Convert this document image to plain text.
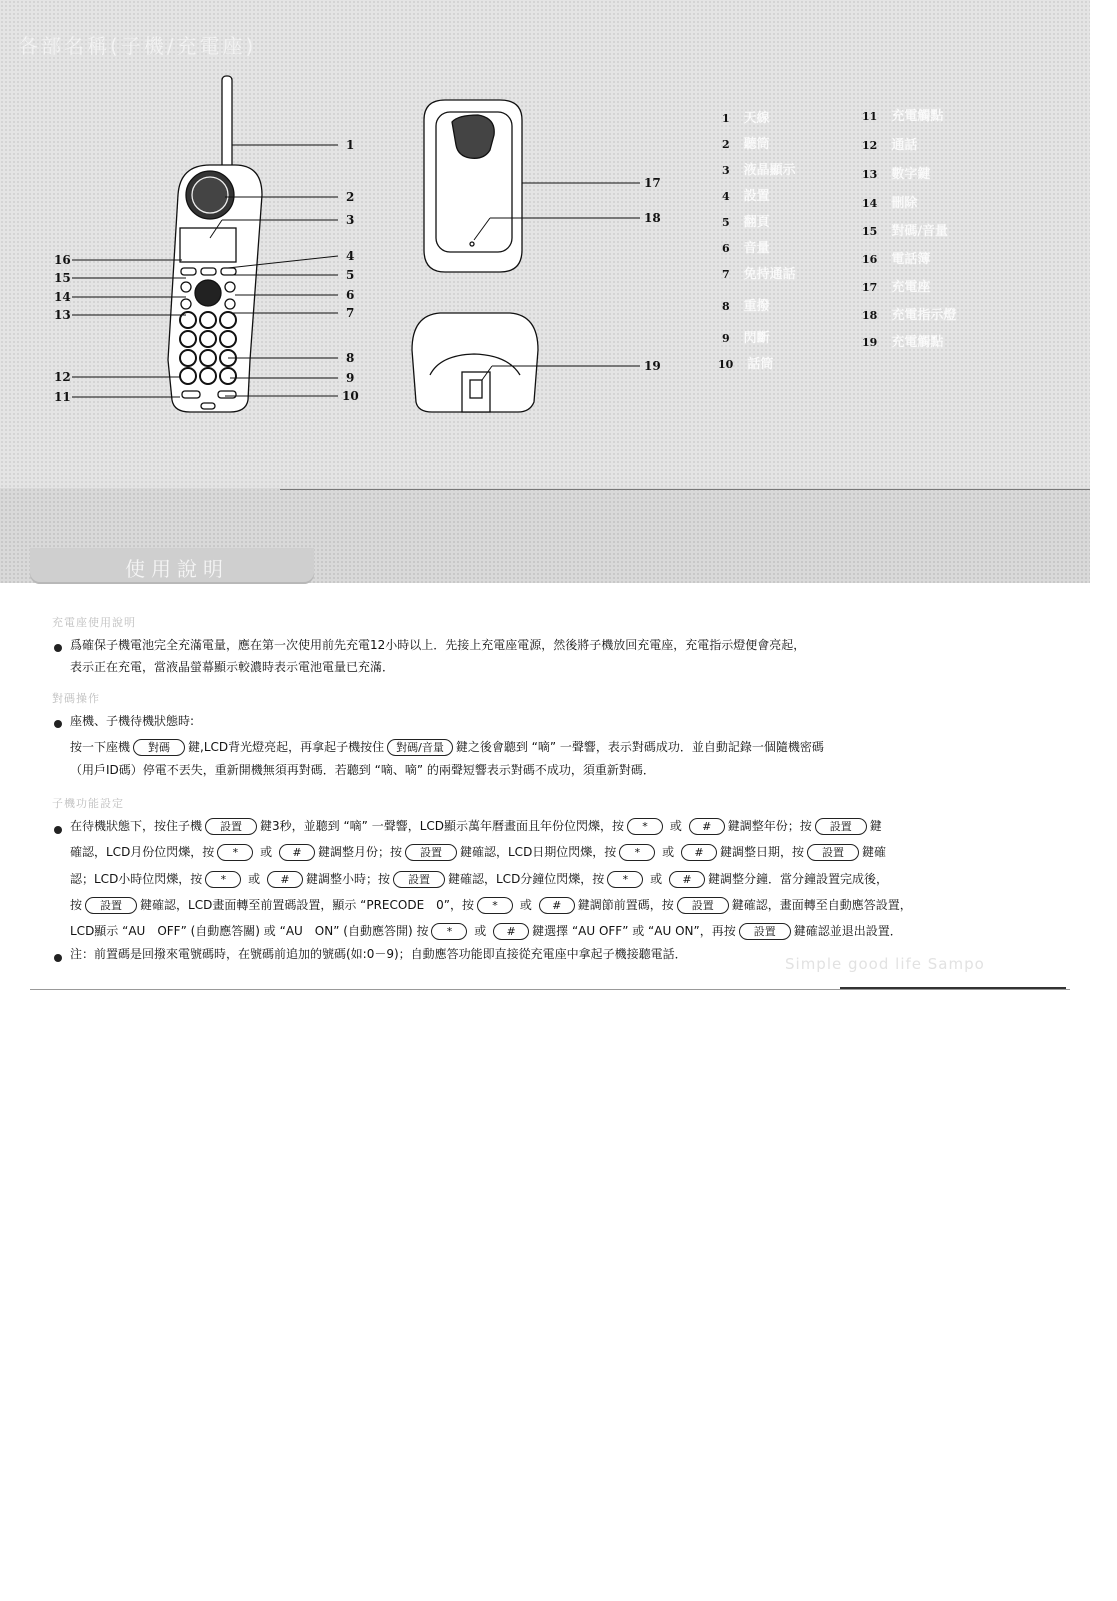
各部名稱(子機/充電座)
1
2
3
4
5
6
7
8
9
10
16
15
14
13
12
11
17
18
19
1 天線
2 聽筒
3 液晶顯示
4 設置
5 翻頁
6 音量
7 免持通話
8 重撥
9 閃斷
10 話筒
11 充電觸點
12 通話
13 數字鍵
14 刪除
15 對碼/音量
16 電話簿
17 充電座
18 充電指示燈
19 充電觸點
使用說明
充電座使用說明
爲確保子機電池完全充滿電量，應在第一次使用前先充電12小時以上．先接上充電座電源，然後將子機放回充電座，充電指示燈便會亮起，
表示正在充電，當液晶螢幕顯示較濃時表示電池電量已充滿．
對碼操作
座機、子機待機狀態時:
按一下座機 對碼 鍵,LCD背光燈亮起，再拿起子機按住 對碼/音量 鍵之後會聽到 “嘀” 一聲響，表示對碼成功．並自動記錄一個隨機密碼
（用戶ID碼）停電不丟失，重新開機無須再對碼．若聽到 “嘀、嘀” 的兩聲短響表示對碼不成功，須重新對碼．
子機功能設定
在待機狀態下，按住子機 設置 鍵3秒，並聽到 “嘀” 一聲響，LCD顯示萬年曆畫面且年份位閃爍，按 * 或 # 鍵調整年份；按 設置 鍵
確認，LCD月份位閃爍，按 * 或 # 鍵調整月份；按 設置 鍵確認，LCD日期位閃爍，按 * 或 # 鍵調整日期，按 設置 鍵確
認；LCD小時位閃爍，按 * 或 # 鍵調整小時；按 設置 鍵確認，LCD分鐘位閃爍，按 * 或 # 鍵調整分鐘．當分鐘設置完成後，
按 設置 鍵確認，LCD畫面轉至前置碼設置，顯示 “PRECODE　0”，按 * 或 # 鍵調節前置碼，按 設置 鍵確認，畫面轉至自動應答設置，
LCD顯示 “AU　OFF” (自動應答關) 或 “AU　ON” (自動應答開) 按 * 或 # 鍵選擇 “AU OFF” 或 “AU ON”，再按 設置 鍵確認並退出設置．
注：前置碼是回撥來電號碼時，在號碼前追加的號碼(如:0－9)；自動應答功能即直接從充電座中拿起子機接聽電話．
Simple good life Sampo
